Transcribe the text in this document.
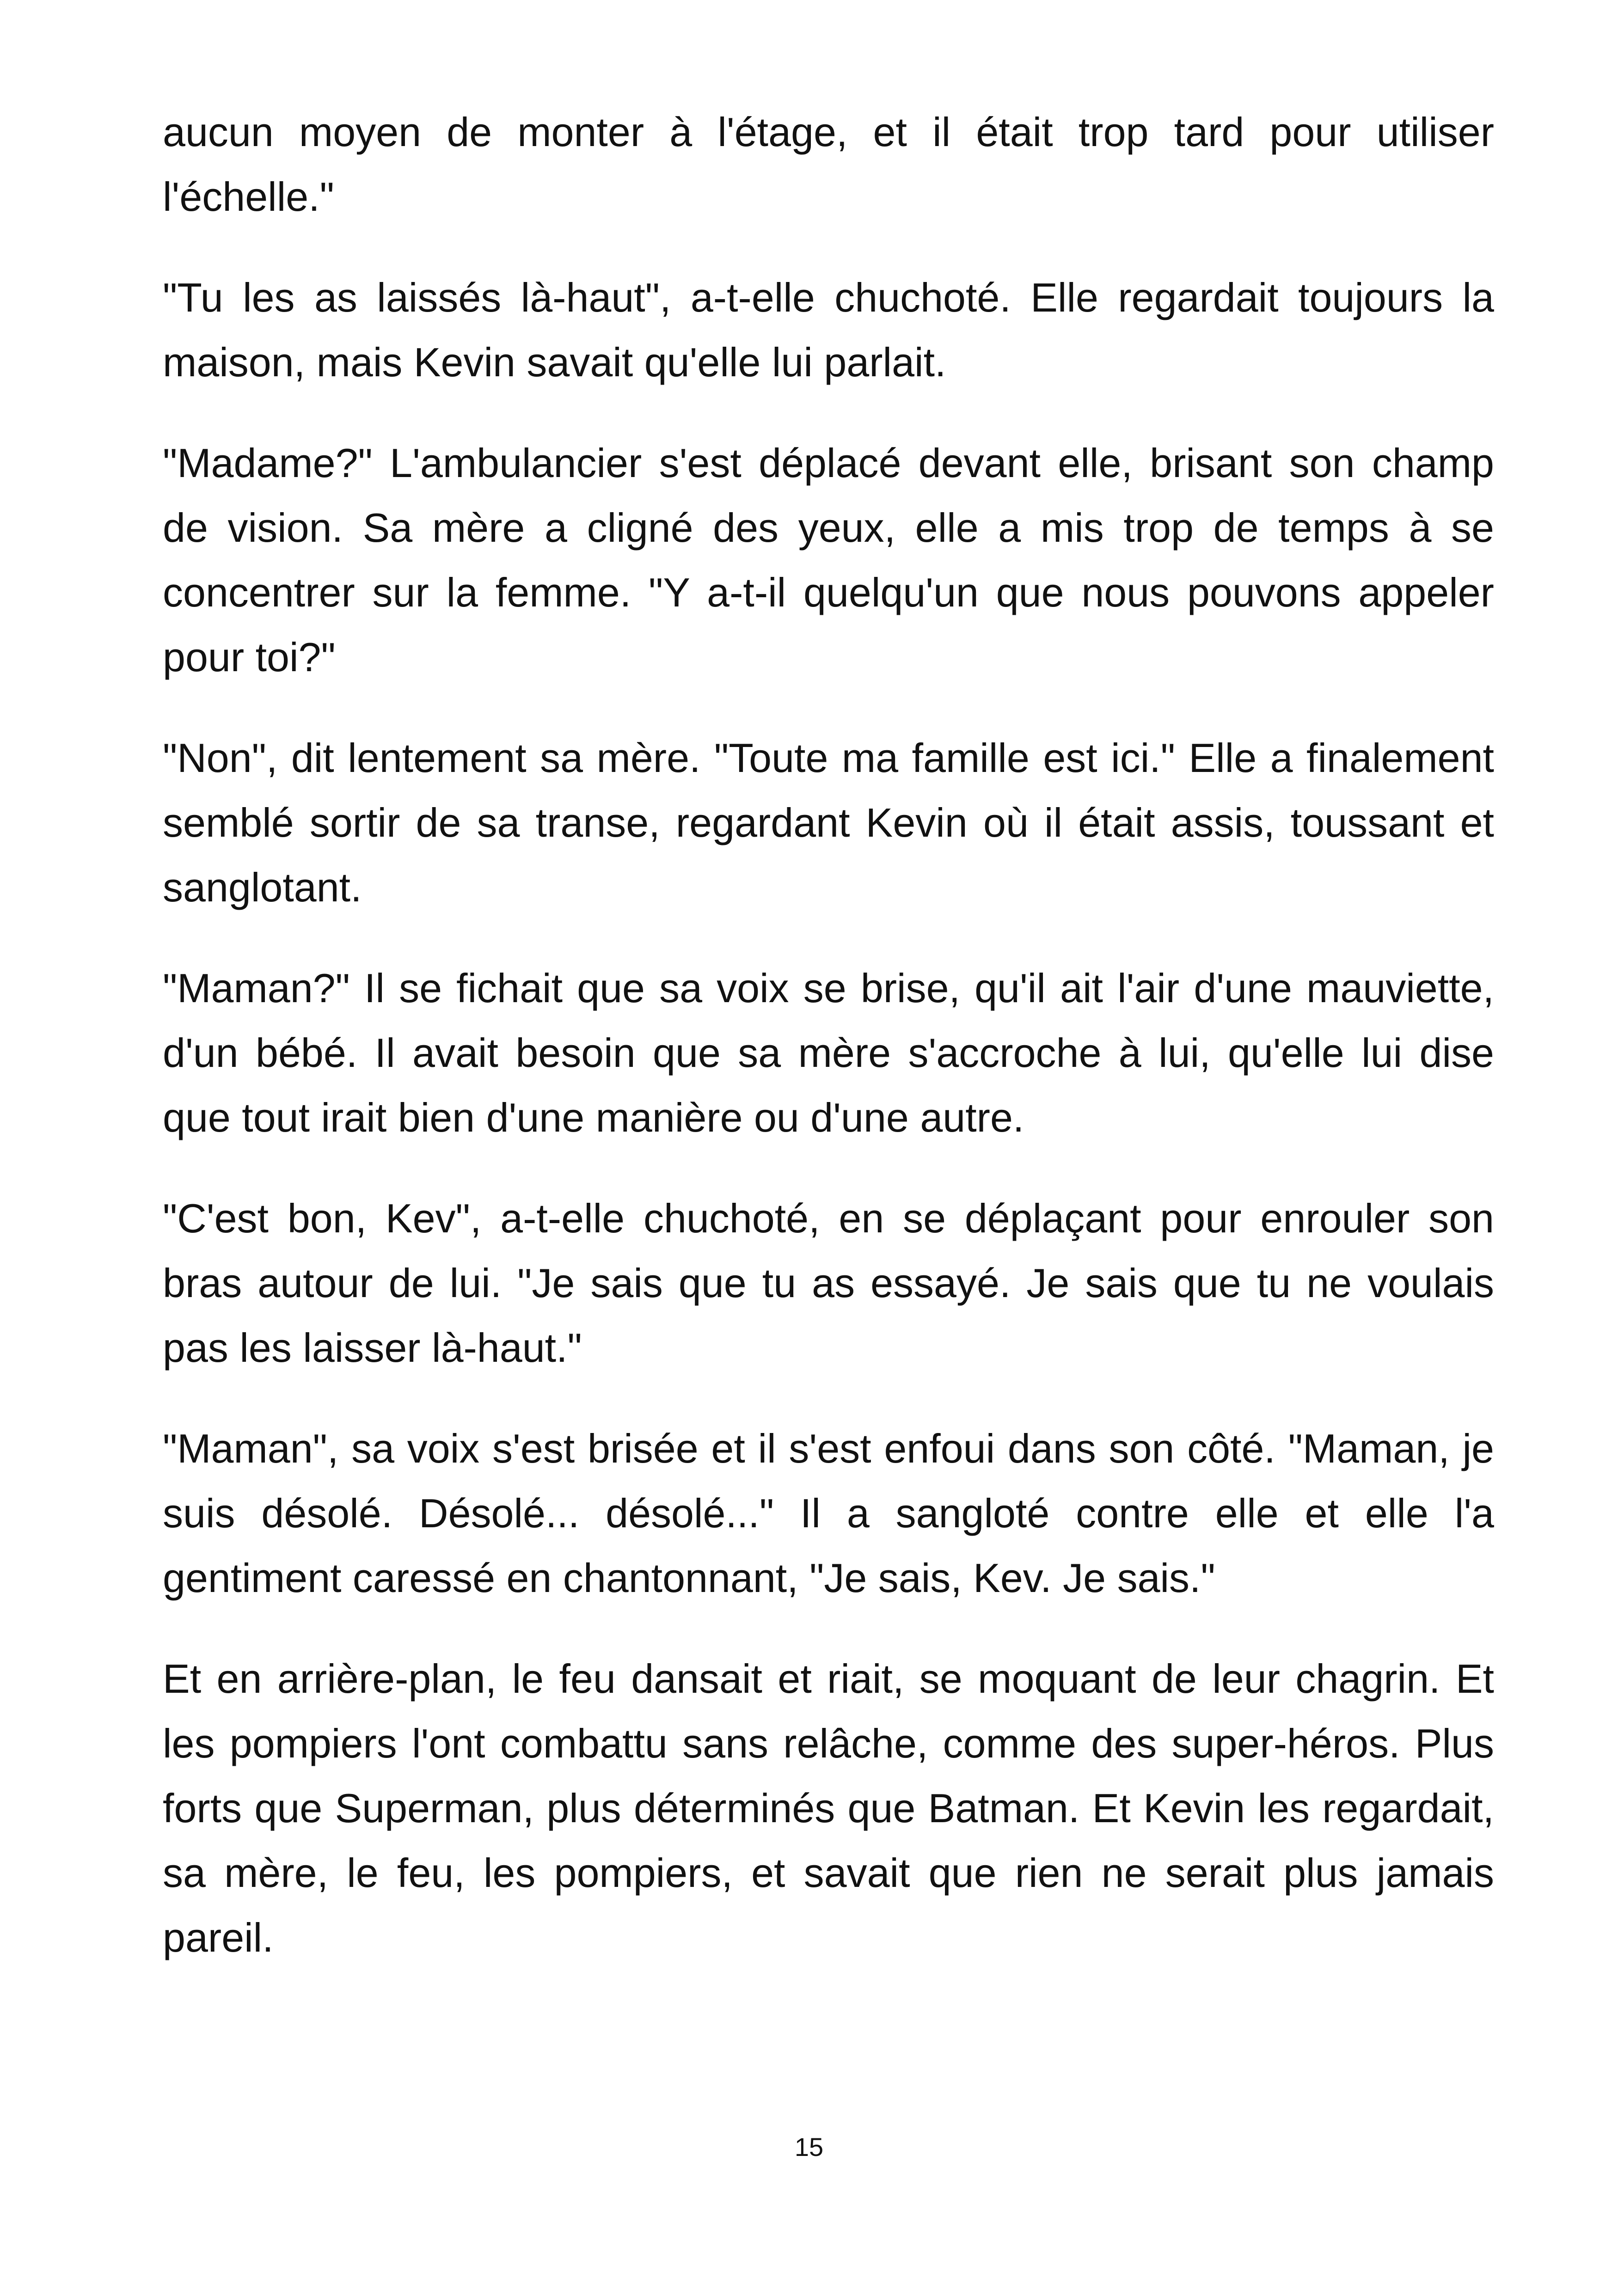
aucun moyen de monter à l'étage, et il était trop tard pour utiliser l'échelle."

"Tu les as laissés là-haut", a-t-elle chuchoté. Elle regardait toujours la maison, mais Kevin savait qu'elle lui parlait.

"Madame?" L'ambulancier s'est déplacé devant elle, brisant son champ de vision. Sa mère a cligné des yeux, elle a mis trop de temps à se concentrer sur la femme. "Y a-t-il quelqu'un que nous pouvons appeler pour toi?"

"Non", dit lentement sa mère. "Toute ma famille est ici." Elle a finalement semblé sortir de sa transe, regardant Kevin où il était assis, toussant et sanglotant.

"Maman?" Il se fichait que sa voix se brise, qu'il ait l'air d'une mauviette, d'un bébé. Il avait besoin que sa mère s'accroche à lui, qu'elle lui dise que tout irait bien d'une manière ou d'une autre.

"C'est bon, Kev", a-t-elle chuchoté, en se déplaçant pour enrouler son bras autour de lui. "Je sais que tu as essayé. Je sais que tu ne voulais pas les laisser là-haut."

"Maman", sa voix s'est brisée et il s'est enfoui dans son côté. "Maman, je suis désolé. Désolé... désolé..." Il a sangloté contre elle et elle l'a gentiment caressé en chantonnant, "Je sais, Kev. Je sais."

Et en arrière-plan, le feu dansait et riait, se moquant de leur chagrin. Et les pompiers l'ont combattu sans relâche, comme des super-héros. Plus forts que Superman, plus déterminés que Batman. Et Kevin les regardait, sa mère, le feu, les pompiers, et savait que rien ne serait plus jamais pareil.

15
